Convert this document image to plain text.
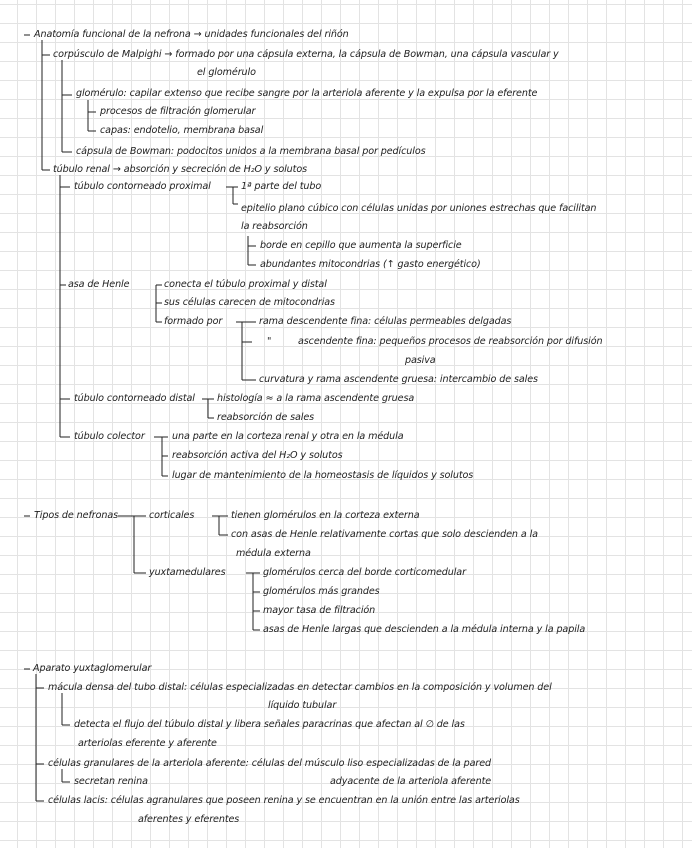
Anatomía funcional de la nefrona → unidades funcionales del riñón
corpúsculo de Malpighi → formado por una cápsula externa, la cápsula de Bowman, una cápsula vascular y
el glomérulo
glomérulo: capilar extenso que recibe sangre por la arteriola aferente y la expulsa por la eferente
procesos de filtración glomerular
capas: endotelio, membrana basal
cápsula de Bowman: podocitos unidos a la membrana basal por pedículos
túbulo renal → absorción y secreción de H₂O y solutos
túbulo contorneado proximal	1ª parte del tubo
epitelio plano cúbico con células unidas por uniones estrechas que facilitan
la reabsorción
borde en cepillo que aumenta la superficie
abundantes mitocondrias (↑ gasto energético)
asa de Henle	conecta el túbulo proximal y distal
sus células carecen de mitocondrias
formado por	rama descendente fina: células permeables delgadas
"	ascendente fina: pequeños procesos de reabsorción por difusión
pasiva
curvatura y rama ascendente gruesa: intercambio de sales
túbulo contorneado distal histología ≈ a la rama ascendente gruesa
reabsorción de sales
túbulo colector	una parte en la corteza renal y otra en la médula
reabsorción activa del H₂O y solutos
lugar de mantenimiento de la homeostasis de líquidos y solutos
Tipos de nefronas	corticales	tienen glomérulos en la corteza externa
con asas de Henle relativamente cortas que solo descienden a la
médula externa
yuxtamedulares	glomérulos cerca del borde corticomedular
glomérulos más grandes
mayor tasa de filtración
asas de Henle largas que descienden a la médula interna y la papila
Aparato yuxtaglomerular
mácula densa del tubo distal: células especializadas en detectar cambios en la composición y volumen del
líquido tubular
detecta el flujo del túbulo distal y libera señales paracrinas que afectan al ∅ de las
arteriolas eferente y aferente
células granulares de la arteriola aferente: células del músculo liso especializadas de la pared
secretan renina	adyacente de la arteriola aferente
células lacis: células agranulares que poseen renina y se encuentran en la unión entre las arteriolas
aferentes y eferentes
